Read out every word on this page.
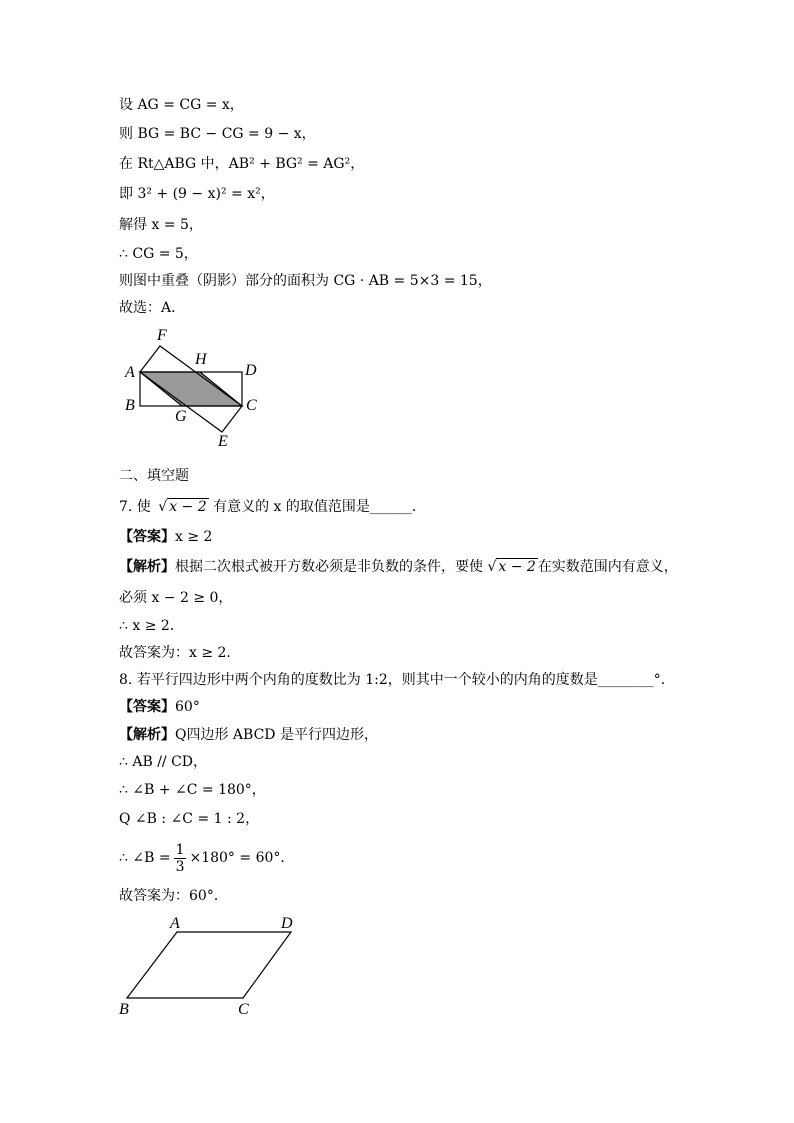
设 AG = CG = x，
则 BG = BC − CG = 9 − x，
在 Rt△ABG 中，AB² + BG² = AG²，
即 3² + (9 − x)² = x²，
解得 x = 5，
∴ CG = 5，
则图中重叠（阴影）部分的面积为 CG · AB = 5×3 = 15，
故选：A．
F
H
A	D
B	C
G
E
二、填空题
7. 使 √ x − 2 有意义的 x 的取值范围是______．
【答案】x ≥ 2
【解析】根据二次根式被开方数必须是非负数的条件，要使 √ x − 2 在实数范围内有意义，
必须 x − 2 ≥ 0，
∴ x ≥ 2．
故答案为：x ≥ 2．
8. 若平行四边形中两个内角的度数比为 1:2，则其中一个较小的内角的度数是________°．
【答案】60°
【解析】Q四边形 ABCD 是平行四边形，
∴ AB // CD，
∴ ∠B + ∠C = 180°，
Q ∠B : ∠C = 1 : 2，
∴ ∠B = $\frac{1}{3} \times 180^\circ = 60^\circ$．
故答案为：60°．
A	D
B	C
